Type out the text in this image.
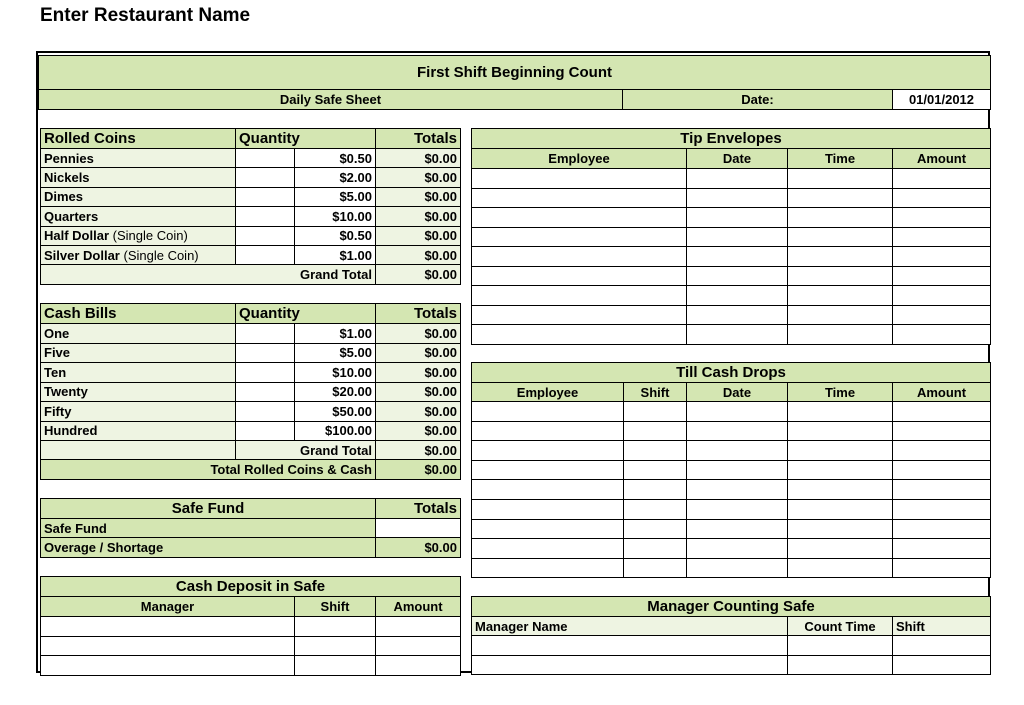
Enter Restaurant Name
First Shift Beginning Count
Daily Safe Sheet	Date:	01/01/2012
Rolled Coins	Quantity	Totals
Pennies	$0.50	$0.00
Nickels	$2.00	$0.00
Dimes	$5.00	$0.00
Quarters	$10.00	$0.00
Half Dollar (Single Coin)	$0.50	$0.00
Silver Dollar (Single Coin)	$1.00	$0.00
Grand Total	$0.00
Cash Bills	Quantity	Totals
One	$1.00	$0.00
Five	$5.00	$0.00
Ten	$10.00	$0.00
Twenty	$20.00	$0.00
Fifty	$50.00	$0.00
Hundred	$100.00	$0.00
Grand Total	$0.00
Total Rolled Coins & Cash	$0.00
Safe Fund	Totals
Safe Fund
Overage / Shortage	$0.00
Cash Deposit in Safe
Manager	Shift	Amount
Tip Envelopes
Employee	Date	Time	Amount
Till Cash Drops
Employee	Shift	Date	Time	Amount
Manager Counting Safe
Manager Name	Count Time	Shift
